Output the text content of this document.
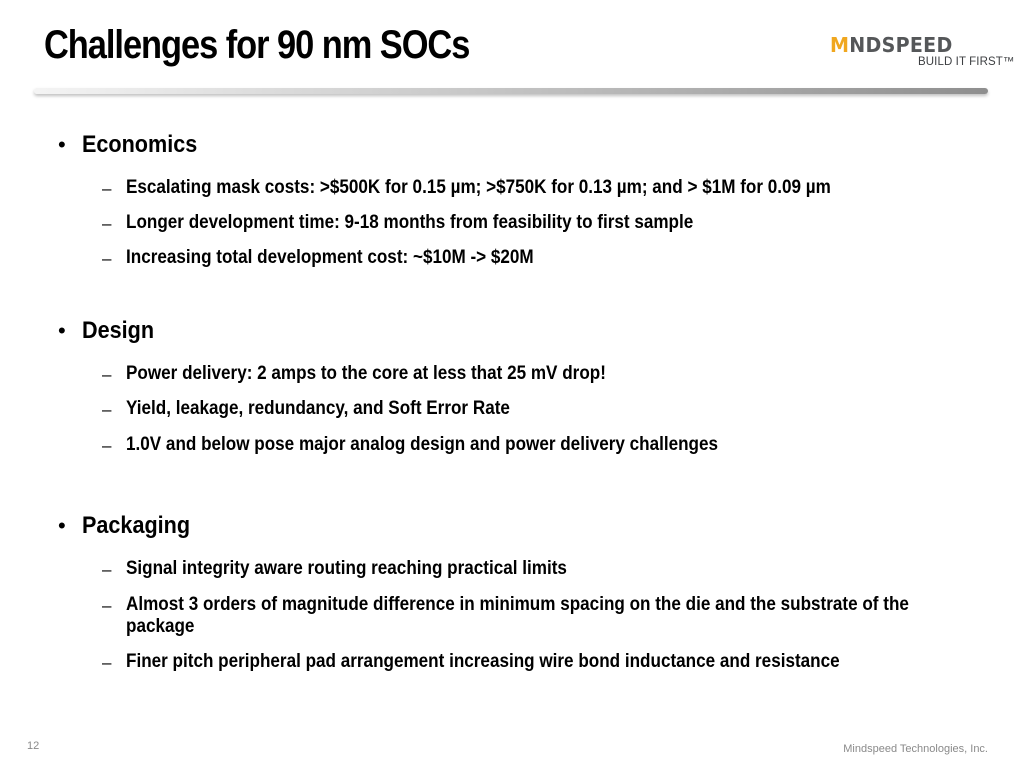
Challenges for 90 nm SOCs	MNDSPEED
BUILD IT FIRST™
• Economics
– Escalating mask costs: >$500K for 0.15 µm; >$750K for 0.13 µm; and > $1M for 0.09 µm
– Longer development time: 9-18 months from feasibility to first sample
– Increasing total development cost: ~$10M -> $20M
• Design
– Power delivery: 2 amps to the core at less that 25 mV drop!
– Yield, leakage, redundancy, and Soft Error Rate
– 1.0V and below pose major analog design and power delivery challenges
• Packaging
– Signal integrity aware routing reaching practical limits
– Almost 3 orders of magnitude difference in minimum spacing on the die and the substrate of the package
– Finer pitch peripheral pad arrangement increasing wire bond inductance and resistance
12	Mindspeed Technologies, Inc.
